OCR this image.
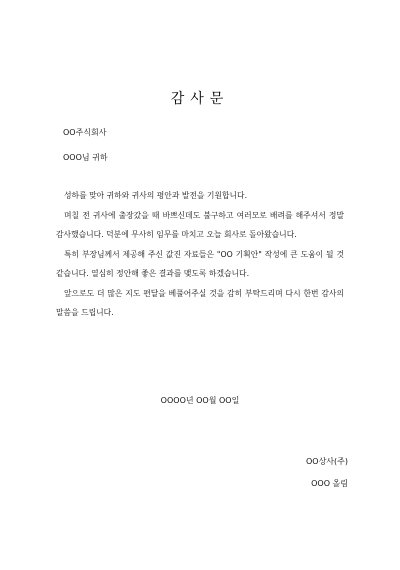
감사문
OO주식회사
OOO님 귀하

성하를 맞아 귀하와 귀사의 평안과 발전을 기원합니다.

며칠 전 귀사에 출장갔을 때 바쁘신데도 불구하고 여러모로 배려를 해주셔서 정말 감사했습니다. 덕분에 무사히 임무를 마치고 오늘 회사로 돌아왔습니다.

특히 부장님께서 제공해 주신 값진 자료들은 "OO 기획안" 작성에 큰 도움이 될 것 같습니다. 열심히 정안해 좋은 결과를 맺도록 하겠습니다.

앞으로도 더 많은 지도 편달을 베풀어주실 것을 감히 부탁드리며 다시 한번 감사의 말씀을 드립니다.

OOOO년 OO월 OO일
OO상사(주)
OOO 올림
